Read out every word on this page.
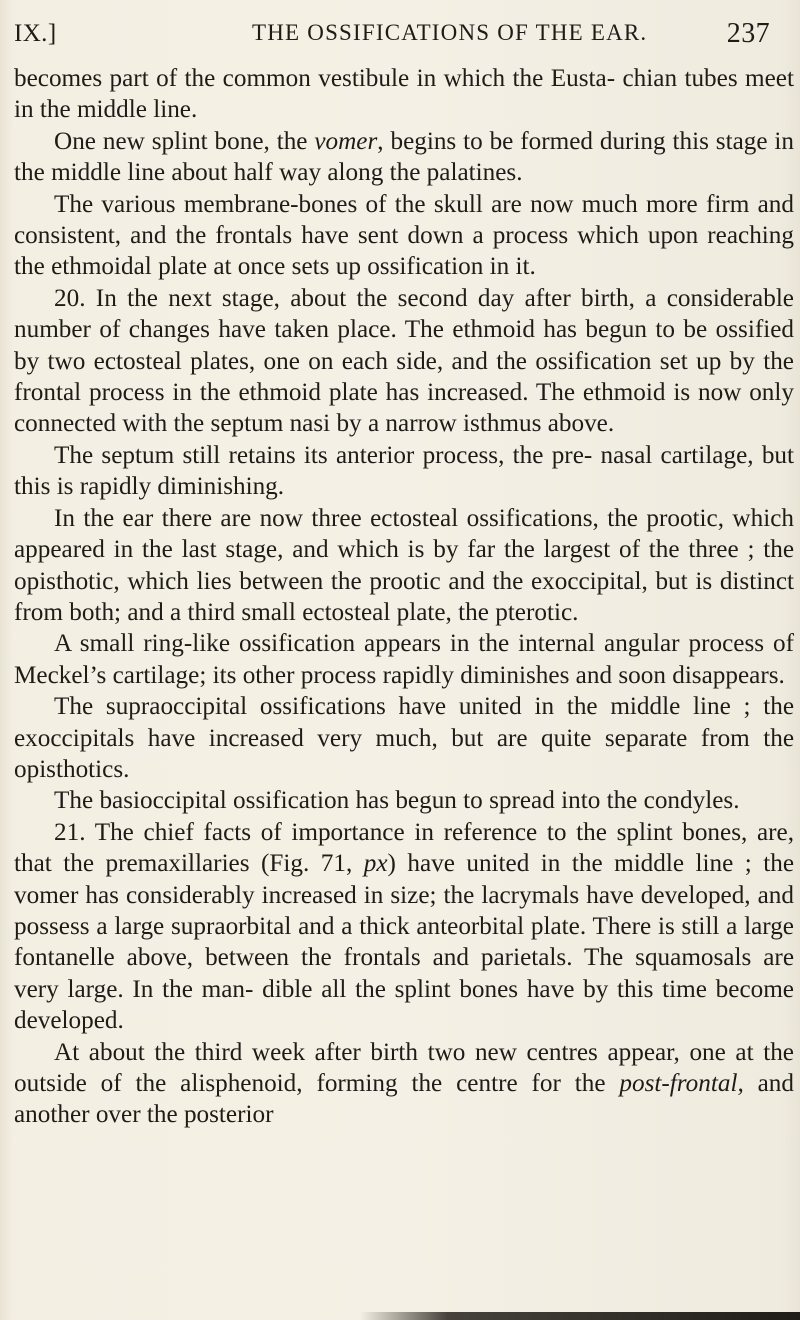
IX.]	THE OSSIFICATIONS OF THE EAR.	237

becomes part of the common vestibule in which the Eusta- chian tubes meet in the middle line.

One new splint bone, the vomer, begins to be formed during this stage in the middle line about half way along the palatines.

The various membrane-bones of the skull are now much more firm and consistent, and the frontals have sent down a process which upon reaching the ethmoidal plate at once sets up ossification in it.

20. In the next stage, about the second day after birth, a considerable number of changes have taken place. The ethmoid has begun to be ossified by two ectosteal plates, one on each side, and the ossification set up by the frontal process in the ethmoid plate has increased. The ethmoid is now only connected with the septum nasi by a narrow isthmus above.

The septum still retains its anterior process, the pre- nasal cartilage, but this is rapidly diminishing.

In the ear there are now three ectosteal ossifications, the prootic, which appeared in the last stage, and which is by far the largest of the three ; the opisthotic, which lies between the prootic and the exoccipital, but is distinct from both; and a third small ectosteal plate, the pterotic.

A small ring-like ossification appears in the internal angular process of Meckel’s cartilage; its other process rapidly diminishes and soon disappears.

The supraoccipital ossifications have united in the middle line ; the exoccipitals have increased very much, but are quite separate from the opisthotics.

The basioccipital ossification has begun to spread into the condyles.

21. The chief facts of importance in reference to the splint bones, are, that the premaxillaries (Fig. 71, px) have united in the middle line ; the vomer has considerably increased in size; the lacrymals have developed, and possess a large supraorbital and a thick anteorbital plate. There is still a large fontanelle above, between the frontals and parietals. The squamosals are very large. In the man- dible all the splint bones have by this time become developed.

At about the third week after birth two new centres appear, one at the outside of the alisphenoid, forming the centre for the post-frontal, and another over the posterior
